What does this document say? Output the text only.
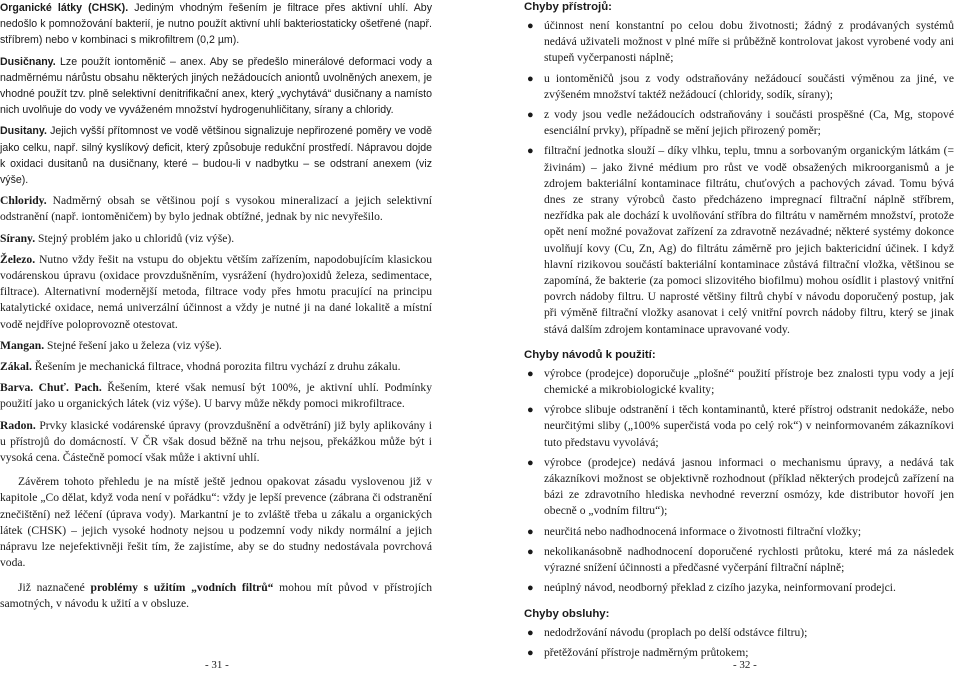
Organické látky (CHSK). Jediným vhodným řešením je filtrace přes aktivní uhlí. Aby nedošlo k pomnožování bakterií, je nutno použít aktivní uhlí bakteriostaticky ošetřené (např. stříbrem) nebo v kombinaci s mikrofiltrem (0,2 µm).

Dusičnany. Lze použít iontoměnič – anex. Aby se předešlo minerálové deformaci vody a nadměrnému nárůstu obsahu některých jiných nežádoucích aniontů uvolněných anexem, je vhodné použít tzv. plně selektivní denitrifikační anex, který „vychytává“ dusičnany a namísto nich uvolňuje do vody ve vyváženém množství hydrogenuhličitany, sírany a chloridy.

Dusitany. Jejich vyšší přítomnost ve vodě většinou signalizuje nepřirozené poměry ve vodě jako celku, např. silný kyslíkový deficit, který způsobuje redukční prostředí. Nápravou dojde k oxidaci dusitanů na dusičnany, které – budou-li v nadbytku – se odstraní anexem (viz výše).

Chloridy. Nadměrný obsah se většinou pojí s vysokou mineralizací a jejich selektivní odstranění (např. iontoměničem) by bylo jednak obtížné, jednak by nic nevyřešilo.

Sírany. Stejný problém jako u chloridů (viz výše).

Železo. Nutno vždy řešit na vstupu do objektu větším zařízením, napodobujícím klasickou vodárenskou úpravu (oxidace provzdušněním, vysrážení (hydro)oxidů železa, sedimentace, filtrace). Alternativní modernější metoda, filtrace vody přes hmotu pracující na principu katalytické oxidace, nemá univerzální účinnost a vždy je nutné ji na dané lokalitě a místní vodě nejdříve poloprovozně otestovat.

Mangan. Stejné řešení jako u železa (viz výše).

Zákal. Řešením je mechanická filtrace, vhodná porozita filtru vychází z druhu zákalu.

Barva. Chuť. Pach. Řešením, které však nemusí být 100%, je aktivní uhlí. Podmínky použití jako u organických látek (viz výše). U barvy může někdy pomoci mikrofiltrace.

Radon. Prvky klasické vodárenské úpravy (provzdušnění a odvětrání) již byly aplikovány i u přístrojů do domácností. V ČR však dosud běžně na trhu nejsou, překážkou může být i vysoká cena. Částečně pomocí však může i aktivní uhlí.

Závěrem tohoto přehledu je na místě ještě jednou opakovat zásadu vyslovenou již v kapitole „Co dělat, když voda není v pořádku“: vždy je lepší prevence (zábrana či odstranění znečištění) než léčení (úprava vody). Markantní je to zvláště třeba u zákalu a organických látek (CHSK) – jejich vysoké hodnoty nejsou u podzemní vody nikdy normální a jejich nápravu lze nejefektivněji řešit tím, že zajistíme, aby se do studny nedostávala povrchová voda.

Již naznačené problémy s užitím „vodních filtrů“ mohou mít původ v přístrojích samotných, v návodu k užití a v obsluze.

- 31 -
Chyby přístrojů:
● účinnost není konstantní po celou dobu životnosti; žádný z prodávaných systémů nedává uživateli možnost v plné míře si průběžně kontrolovat jakost vyrobené vody ani stupeň vyčerpanosti náplně;
● u iontoměničů jsou z vody odstraňovány nežádoucí součásti výměnou za jiné, ve zvýšeném množství taktéž nežádoucí (chloridy, sodík, sírany);
● z vody jsou vedle nežádoucích odstraňovány i součásti prospěšné (Ca, Mg, stopové esenciální prvky), případně se mění jejich přirozený poměr;
● filtrační jednotka slouží – díky vlhku, teplu, tmnu a sorbovaným organickým látkám (= živinám) – jako živné médium pro růst ve vodě obsažených mikroorganismů a je zdrojem bakteriální kontaminace filtrátu, chuťových a pachových závad. Tomu bývá dnes ze strany výrobců často předcházeno impregnací filtrační náplně stříbrem, nezřídka pak ale dochází k uvolňování stříbra do filtrátu v naměrném množství, protože opět není možné považovat zařízení za zdravotně nezávadné; některé systémy dokonce uvolňují kovy (Cu, Zn, Ag) do filtrátu záměrně pro jejich baktericidní účinek. I když hlavní rizikovou součástí bakteriální kontaminace zůstává filtrační vložka, většinou se zapomíná, že bakterie (za pomoci slizovitého biofilmu) mohou osídlit i plastový vnitřní povrch nádoby filtru. U naprosté většiny filtrů chybí v návodu doporučený postup, jak při výměně filtrační vložky asanovat i celý vnitřní povrch nádoby filtru, který se jinak stává dalším zdrojem kontaminace upravované vody.
Chyby návodů k použití:
● výrobce (prodejce) doporučuje „plošné“ použití přístroje bez znalosti typu vody a její chemické a mikrobiologické kvality;
● výrobce slibuje odstranění i těch kontaminantů, které přístroj odstranit nedokáže, nebo neurčitými sliby („100% superčistá voda po celý rok“) v neinformovaném zákazníkovi tuto představu vyvolává;
● výrobce (prodejce) nedává jasnou informaci o mechanismu úpravy, a nedává tak zákazníkovi možnost se objektivně rozhodnout (příklad některých prodejců zařízení na bázi ze zdravotního hlediska nevhodné reverzní osmózy, kde distributor hovoří jen obecně o „vodním filtru“);
● neurčitá nebo nadhodnocená informace o životnosti filtrační vložky;
● nekolikanásobně nadhodnocení doporučené rychlosti průtoku, které má za následek výrazné snížení účinnosti a předčasné vyčerpání filtrační náplně;
● neúplný návod, neodborný překlad z cizího jazyka, neinformovaní prodejci.
Chyby obsluhy:
● nedodržování návodu (proplach po delší odstávce filtru);
● přetěžování přístroje nadměrným průtokem;
- 32 -
